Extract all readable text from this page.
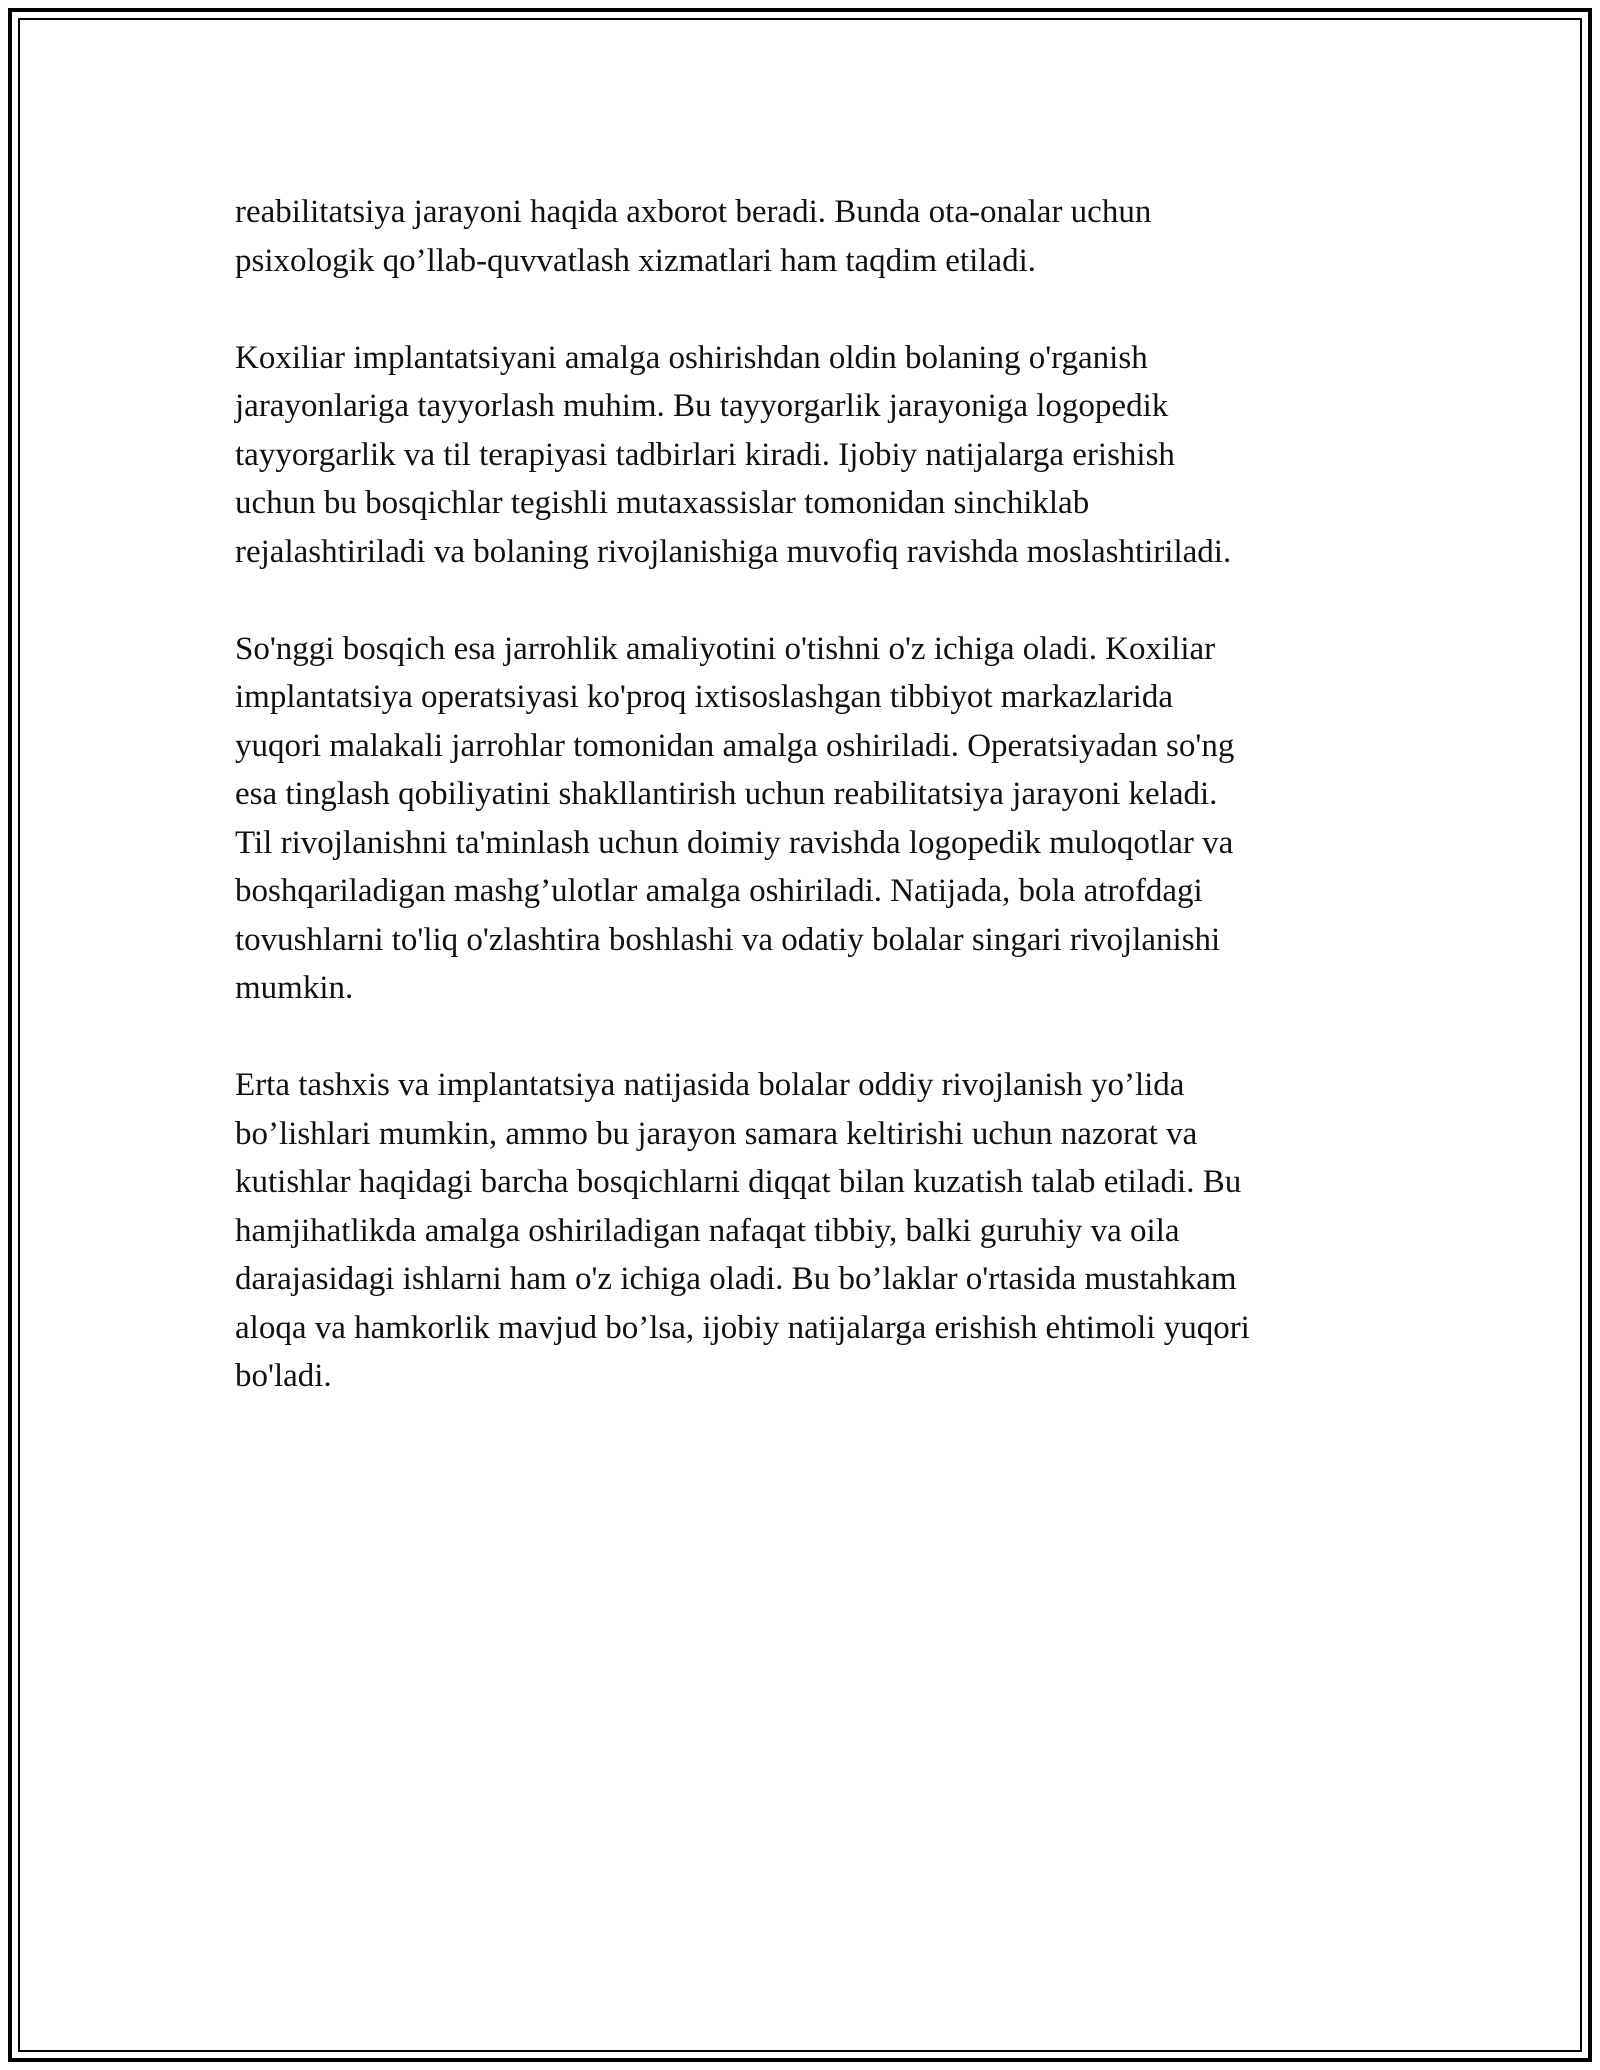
reabilitatsiya jarayoni haqida axborot beradi. Bunda ota-onalar uchun
psixologik qo’llab-quvvatlash xizmatlari ham taqdim etiladi.

Koxiliar implantatsiyani amalga oshirishdan oldin bolaning o'rganish
jarayonlariga tayyorlash muhim. Bu tayyorgarlik jarayoniga logopedik
tayyorgarlik va til terapiyasi tadbirlari kiradi. Ijobiy natijalarga erishish
uchun bu bosqichlar tegishli mutaxassislar tomonidan sinchiklab
rejalashtiriladi va bolaning rivojlanishiga muvofiq ravishda moslashtiriladi.

So'nggi bosqich esa jarrohlik amaliyotini o'tishni o'z ichiga oladi. Koxiliar
implantatsiya operatsiyasi ko'proq ixtisoslashgan tibbiyot markazlarida
yuqori malakali jarrohlar tomonidan amalga oshiriladi. Operatsiyadan so'ng
esa tinglash qobiliyatini shakllantirish uchun reabilitatsiya jarayoni keladi.
Til rivojlanishni ta'minlash uchun doimiy ravishda logopedik muloqotlar va
boshqariladigan mashg’ulotlar amalga oshiriladi. Natijada, bola atrofdagi
tovushlarni to'liq o'zlashtira boshlashi va odatiy bolalar singari rivojlanishi
mumkin.

Erta tashxis va implantatsiya natijasida bolalar oddiy rivojlanish yo’lida
bo’lishlari mumkin, ammo bu jarayon samara keltirishi uchun nazorat va
kutishlar haqidagi barcha bosqichlarni diqqat bilan kuzatish talab etiladi. Bu
hamjihatlikda amalga oshiriladigan nafaqat tibbiy, balki guruhiy va oila
darajasidagi ishlarni ham o'z ichiga oladi. Bu bo’laklar o'rtasida mustahkam
aloqa va hamkorlik mavjud bo’lsa, ijobiy natijalarga erishish ehtimoli yuqori
bo'ladi.
